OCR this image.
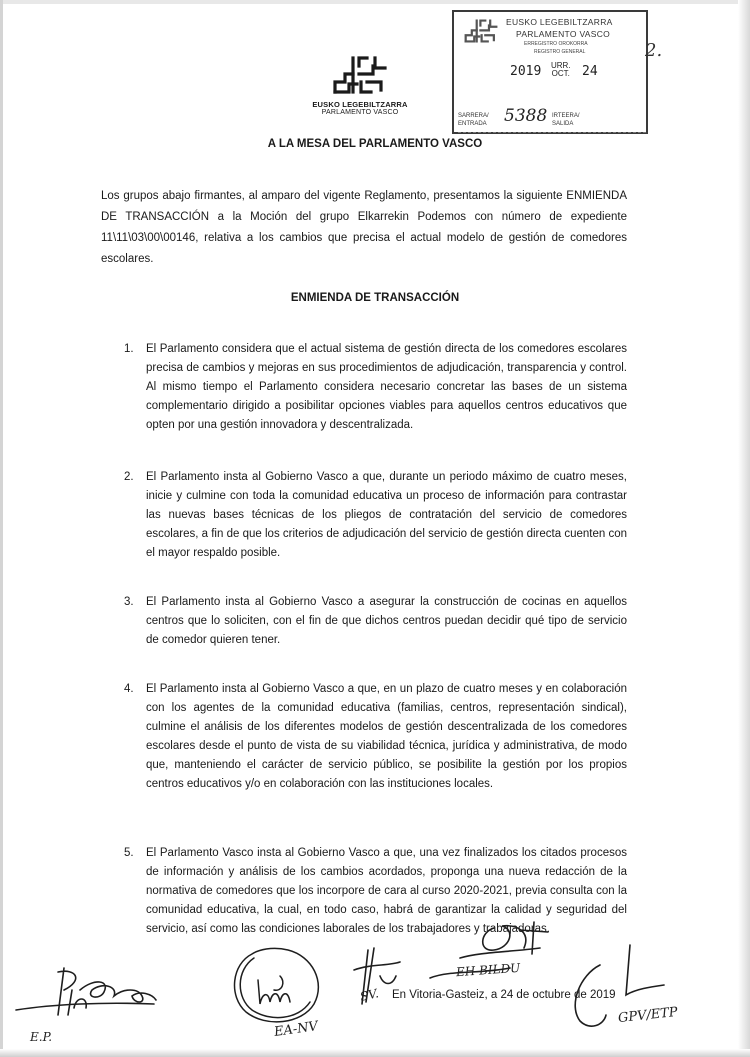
EUSKO LEGEBILTZARRA
PARLAMENTO VASCO
EUSKO LEGEBILTZARRA
PARLAMENTO VASCO
ERREGISTRO OROKORRA
REGISTRO GENERAL
2019 URR.
OCT. 24
SARRERA/
ENTRADA 5388 IRTEERA/
SALIDA
2.
A LA MESA DEL PARLAMENTO VASCO
Los grupos abajo firmantes, al amparo del vigente Reglamento, presentamos la siguiente ENMIENDA DE TRANSACCIÓN a la Moción del grupo Elkarrekin Podemos con número de expediente 11\11\03\00\00146, relativa a los cambios que precisa el actual modelo de gestión de comedores escolares.
ENMIENDA DE TRANSACCIÓN
1.	El Parlamento considera que el actual sistema de gestión directa de los comedores escolares precisa de cambios y mejoras en sus procedimientos de adjudicación, transparencia y control. Al mismo tiempo el Parlamento considera necesario concretar las bases de un sistema complementario dirigido a posibilitar opciones viables para aquellos centros educativos que opten por una gestión innovadora y descentralizada.
2.	El Parlamento insta al Gobierno Vasco a que, durante un periodo máximo de cuatro meses, inicie y culmine con toda la comunidad educativa un proceso de información para contrastar las nuevas bases técnicas de los pliegos de contratación del servicio de comedores escolares, a fin de que los criterios de adjudicación del servicio de gestión directa cuenten con el mayor respaldo posible.
3.	El Parlamento insta al Gobierno Vasco a asegurar la construcción de cocinas en aquellos centros que lo soliciten, con el fin de que dichos centros puedan decidir qué tipo de servicio de comedor quieren tener.
4.	El Parlamento insta al Gobierno Vasco a que, en un plazo de cuatro meses y en colaboración con los agentes de la comunidad educativa (familias, centros, representación sindical), culmine el análisis de los diferentes modelos de gestión descentralizada de los comedores escolares desde el punto de vista de su viabilidad técnica, jurídica y administrativa, de modo que, manteniendo el carácter de servicio público, se posibilite la gestión por los propios centros educativos y/o en colaboración con las instituciones locales.
5.	El Parlamento Vasco insta al Gobierno Vasco a que, una vez finalizados los citados procesos de información y análisis de los cambios acordados, proponga una nueva redacción de la normativa de comedores que los incorpore de cara al curso 2020-2021, previa consulta con la comunidad educativa, la cual, en todo caso, habrá de garantizar la calidad y seguridad del servicio, así como las condiciones laborales de los trabajadores y trabajadoras.
En Vitoria-Gasteiz, a 24 de octubre de 2019
E.P.	EA-NV
SV.
EH BILDU
GPV/ETP
